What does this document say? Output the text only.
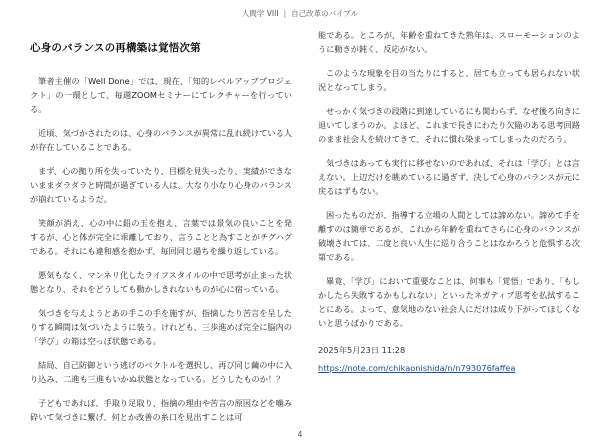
人間学 VIII | 自己改革のバイブル
心身のバランスの再構築は覚悟次第

筆者主催の「Well Done」では、現在、「知的レベルアッププロジェクト」の一環として、毎週ZOOMセミナーにてレクチャーを行っている。

近頃、気づかされたのは、心身のバランスが異常に乱れ続けている人が存在していることである。

まず、心の拠り所を失っていたり、目標を見失ったり、実績ができないままダラダラと時間が過ぎている人は、大なり小なり心身のバランスが崩れているようだ。

笑顔が消え、心の中に鉛の玉を抱え、言葉では景気の良いことを発するが、心と体が完全に乖離しており、言うことと為すことがチグハグである。それにも違和感を抱かず、毎回同じ過ちを繰り返している。

悪気もなく、マンネリ化したライフスタイルの中で思考が止まった状態となり、それをどうしても動かしきれないものが心に宿っている。

気づきを与えようとあの手この手を施すが、指摘したり苦言を呈したりする瞬間は気づいたように装う。けれども、三歩進めば完全に脳内の「学び」の箱は空っぽ状態である。

結局、自己防御という逃げのベクトルを選択し、再び同じ繭の中に入り込み、二進も三進もいかぬ状態となっている。どうしたものか！？

子どもであれば、手取り足取り、指摘の理由や苦言の原因などを噛み砕いて気づきに繋げ、何とか改善の糸口を見出すことは可

能である。ところが、年齢を重ねてきた熟年は、スローモーションのように動きが鈍く、反応がない。

このような現象を目の当たりにすると、居ても立っても居られない状況となってしまう。

せっかく気づきの段階に到達しているにも関わらず、なぜ後ろ向きに退いてしまうのか。よほど、これまで長きにわたり欠陥のある思考回路のまま社会人を続けてきて、それに慣れ染まってしまったのだろう。

気づきはあっても実行に移せないのであれば、それは「学び」とは言えない。上辺だけを眺めているに過ぎず、決して心身のバランスが元に戻るはずもない。

困ったものだが、指導する立場の人間としては諦めない。諦めて手を離すのは簡単であるが、これから年齢を重ねてさらに心身のバランスが破壊されては、二度と良い人生に巡り合うことはなかろうと危惧する次第である。

畢竟、「学び」において重要なことは、何事も「覚悟」であり、「もしかしたら失敗するかもしれない」といったネガティブ思考を払拭することにある。よって、意気地のない社会人にだけは成り下がってほしくないと思うばかりである。

2025年5月23日 11:28
https://note.com/chikaonishida/n/n793076faffea
4
